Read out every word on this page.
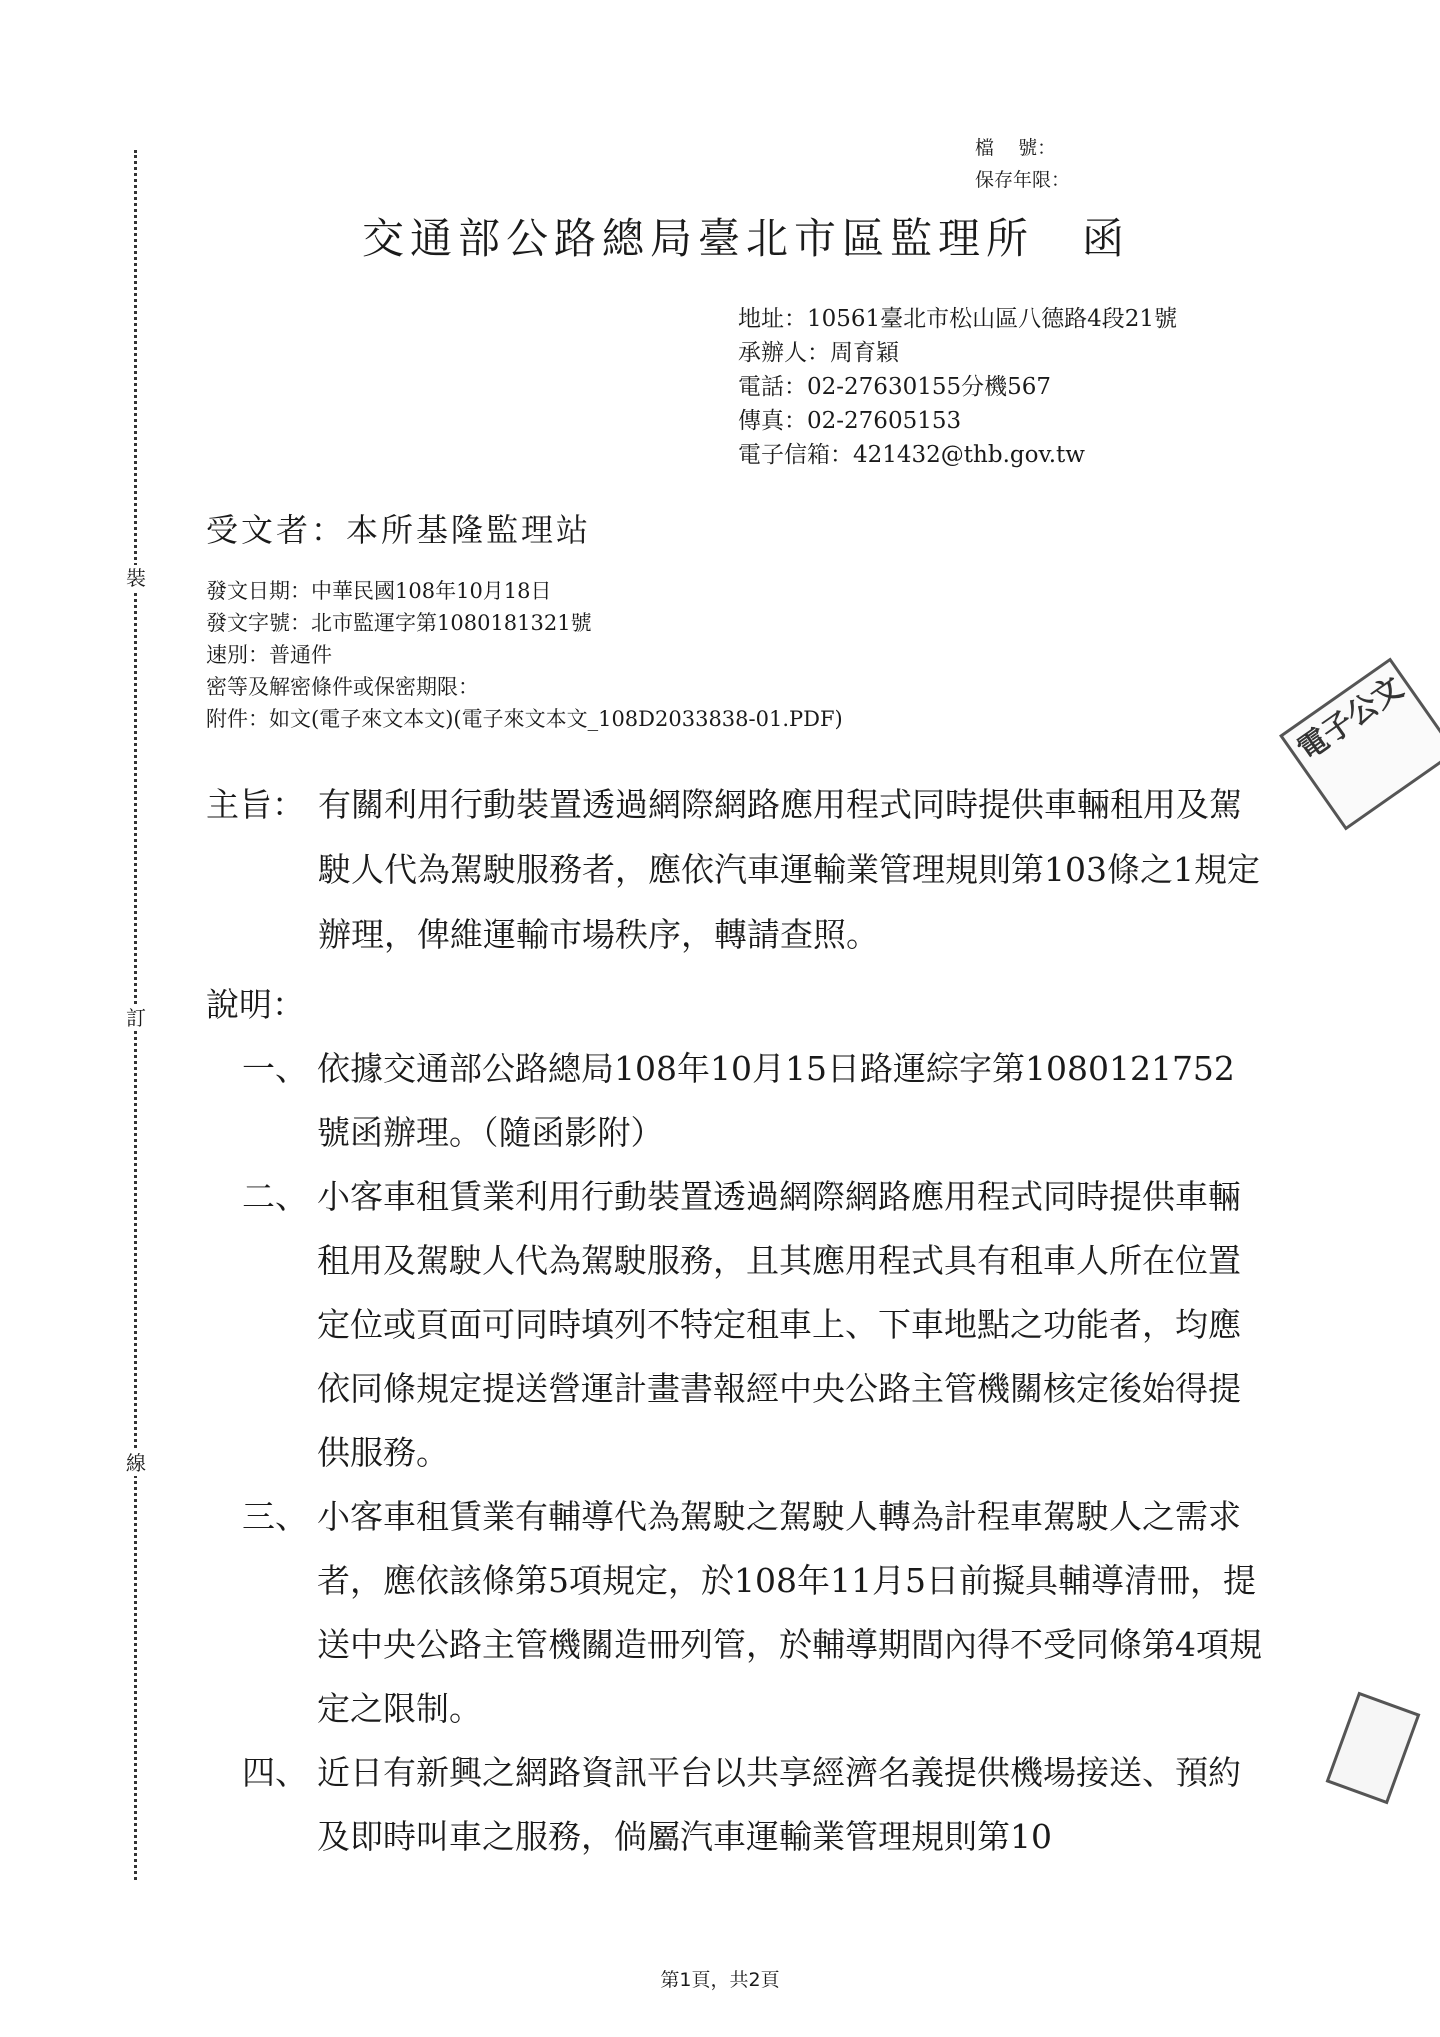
裝
訂
線
檔    號：
保存年限：
交通部公路總局臺北市區監理所　函
地址：10561臺北市松山區八德路4段21號
承辦人：周育穎
電話：02-27630155分機567
傳真：02-27605153
電子信箱：421432@thb.gov.tw
受文者：本所基隆監理站
發文日期：中華民國108年10月18日
發文字號：北市監運字第1080181321號
速別：普通件
密等及解密條件或保密期限：
附件：如文(電子來文本文)(電子來文本文_108D2033838-01.PDF)
主旨： 有關利用行動裝置透過網際網路應用程式同時提供車輛租用及駕駛人代為駕駛服務者，應依汽車運輸業管理規則第103條之1規定辦理，俾維運輸市場秩序，轉請查照。
說明：
一、 依據交通部公路總局108年10月15日路運綜字第1080121752號函辦理。（隨函影附）
二、 小客車租賃業利用行動裝置透過網際網路應用程式同時提供車輛租用及駕駛人代為駕駛服務，且其應用程式具有租車人所在位置定位或頁面可同時填列不特定租車上、下車地點之功能者，均應依同條規定提送營運計畫書報經中央公路主管機關核定後始得提供服務。
三、 小客車租賃業有輔導代為駕駛之駕駛人轉為計程車駕駛人之需求者，應依該條第5項規定，於108年11月5日前擬具輔導清冊，提送中央公路主管機關造冊列管，於輔導期間內得不受同條第4項規定之限制。
四、 近日有新興之網路資訊平台以共享經濟名義提供機場接送、預約及即時叫車之服務，倘屬汽車運輸業管理規則第10
電子公文
第1頁，共2頁
